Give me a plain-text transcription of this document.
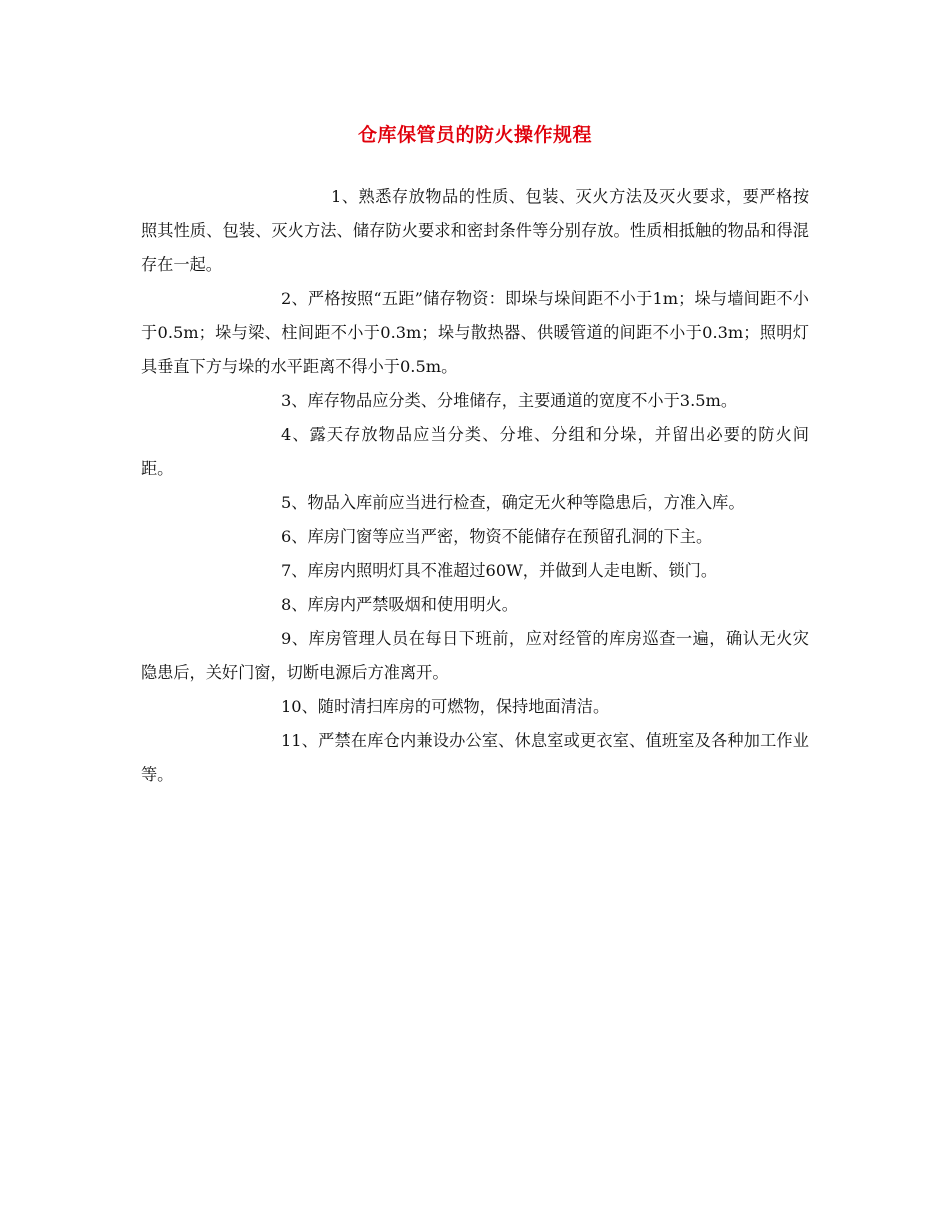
仓库保管员的防火操作规程

1、熟悉存放物品的性质、包装、灭火方法及灭火要求，要严格按照其性质、包装、灭火方法、储存防火要求和密封条件等分别存放。性质相抵触的物品和得混存在一起。

2、严格按照“五距”储存物资：即垛与垛间距不小于1m；垛与墙间距不小于0.5m；垛与梁、柱间距不小于0.3m；垛与散热器、供暖管道的间距不小于0.3m；照明灯具垂直下方与垛的水平距离不得小于0.5m。

3、库存物品应分类、分堆储存，主要通道的宽度不小于3.5m。

4、露天存放物品应当分类、分堆、分组和分垛，并留出必要的防火间距。

5、物品入库前应当进行检查，确定无火种等隐患后，方准入库。

6、库房门窗等应当严密，物资不能储存在预留孔洞的下主。

7、库房内照明灯具不准超过60W，并做到人走电断、锁门。

8、库房内严禁吸烟和使用明火。

9、库房管理人员在每日下班前，应对经管的库房巡查一遍，确认无火灾隐患后，关好门窗，切断电源后方准离开。

10、随时清扫库房的可燃物，保持地面清洁。

11、严禁在库仓内兼设办公室、休息室或更衣室、值班室及各种加工作业等。
